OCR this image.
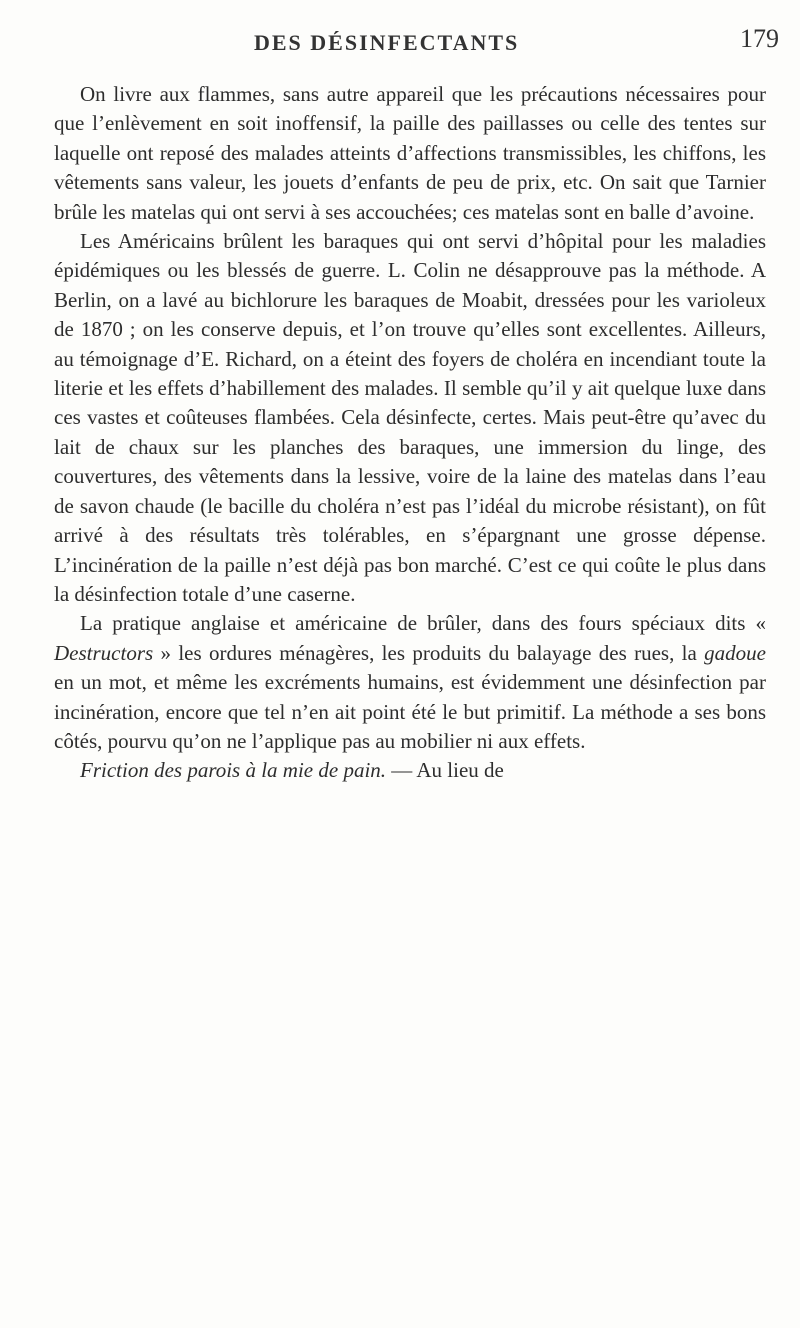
DES DÉSINFECTANTS	179

On livre aux flammes, sans autre appareil que les précautions nécessaires pour que l’enlèvement en soit inoffensif, la paille des paillasses ou celle des tentes sur laquelle ont reposé des malades atteints d’affections transmissibles, les chiffons, les vêtements sans valeur, les jouets d’enfants de peu de prix, etc. On sait que Tarnier brûle les matelas qui ont servi à ses accouchées; ces matelas sont en balle d’avoine.

Les Américains brûlent les baraques qui ont servi d’hôpital pour les maladies épidémiques ou les blessés de guerre. L. Colin ne désapprouve pas la méthode. A Berlin, on a lavé au bichlorure les baraques de Moabit, dressées pour les varioleux de 1870 ; on les conserve depuis, et l’on trouve qu’elles sont excellentes. Ailleurs, au témoignage d’E. Richard, on a éteint des foyers de choléra en incendiant toute la literie et les effets d’habillement des malades. Il semble qu’il y ait quelque luxe dans ces vastes et coûteuses flambées. Cela désinfecte, certes. Mais peut-être qu’avec du lait de chaux sur les planches des baraques, une immersion du linge, des couvertures, des vêtements dans la lessive, voire de la laine des matelas dans l’eau de savon chaude (le bacille du choléra n’est pas l’idéal du microbe résistant), on fût arrivé à des résultats très tolérables, en s’épargnant une grosse dépense. L’incinération de la paille n’est déjà pas bon marché. C’est ce qui coûte le plus dans la désinfection totale d’une caserne.

La pratique anglaise et américaine de brûler, dans des fours spéciaux dits « Destructors » les ordures ménagères, les produits du balayage des rues, la gadoue en un mot, et même les excréments humains, est évidemment une désinfection par incinération, encore que tel n’en ait point été le but primitif. La méthode a ses bons côtés, pourvu qu’on ne l’applique pas au mobilier ni aux effets.

Friction des parois à la mie de pain. — Au lieu de
